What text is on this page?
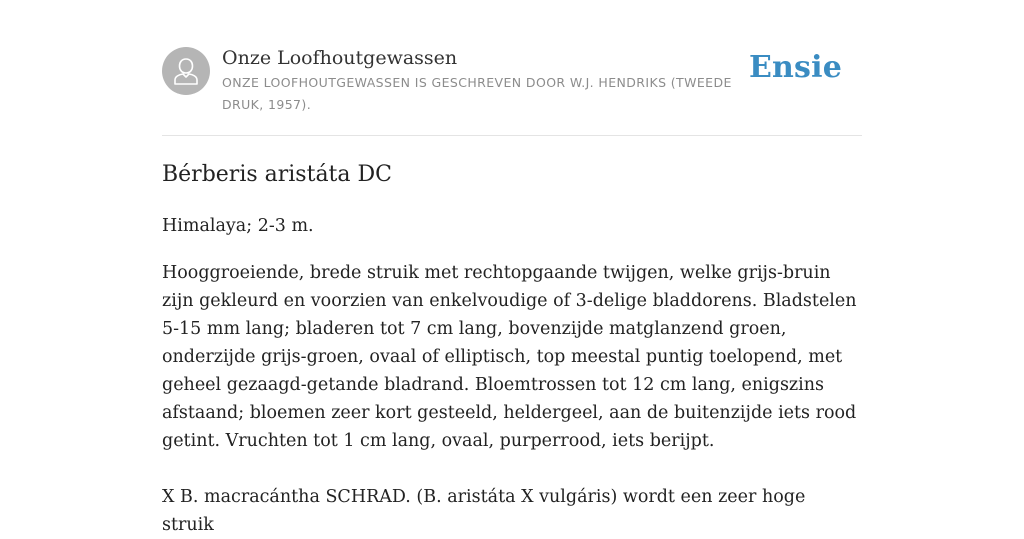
Onze Loofhoutgewassen

ONZE LOOFHOUTGEWASSEN IS GESCHREVEN DOOR W.J. HENDRIKS (TWEEDE DRUK, 1957).

Ensie
Bérberis aristáta DC

Himalaya; 2-3 m.

Hooggroeiende, brede struik met rechtopgaande twijgen, welke grijs-bruin zijn gekleurd en voorzien van enkelvoudige of 3-delige bladdorens. Bladstelen 5-15 mm lang; bladeren tot 7 cm lang, bovenzijde matglanzend groen, onderzijde grijs-groen, ovaal of elliptisch, top meestal puntig toelopend, met geheel gezaagd-getande bladrand. Bloemtrossen tot 12 cm lang, enigszins afstaand; bloemen zeer kort gesteeld, heldergeel, aan de buitenzijde iets rood getint. Vruchten tot 1 cm lang, ovaal, purperrood, iets berijpt.

X B. macracántha SCHRAD. (B. aristáta X vulgáris) wordt een zeer hoge struik
